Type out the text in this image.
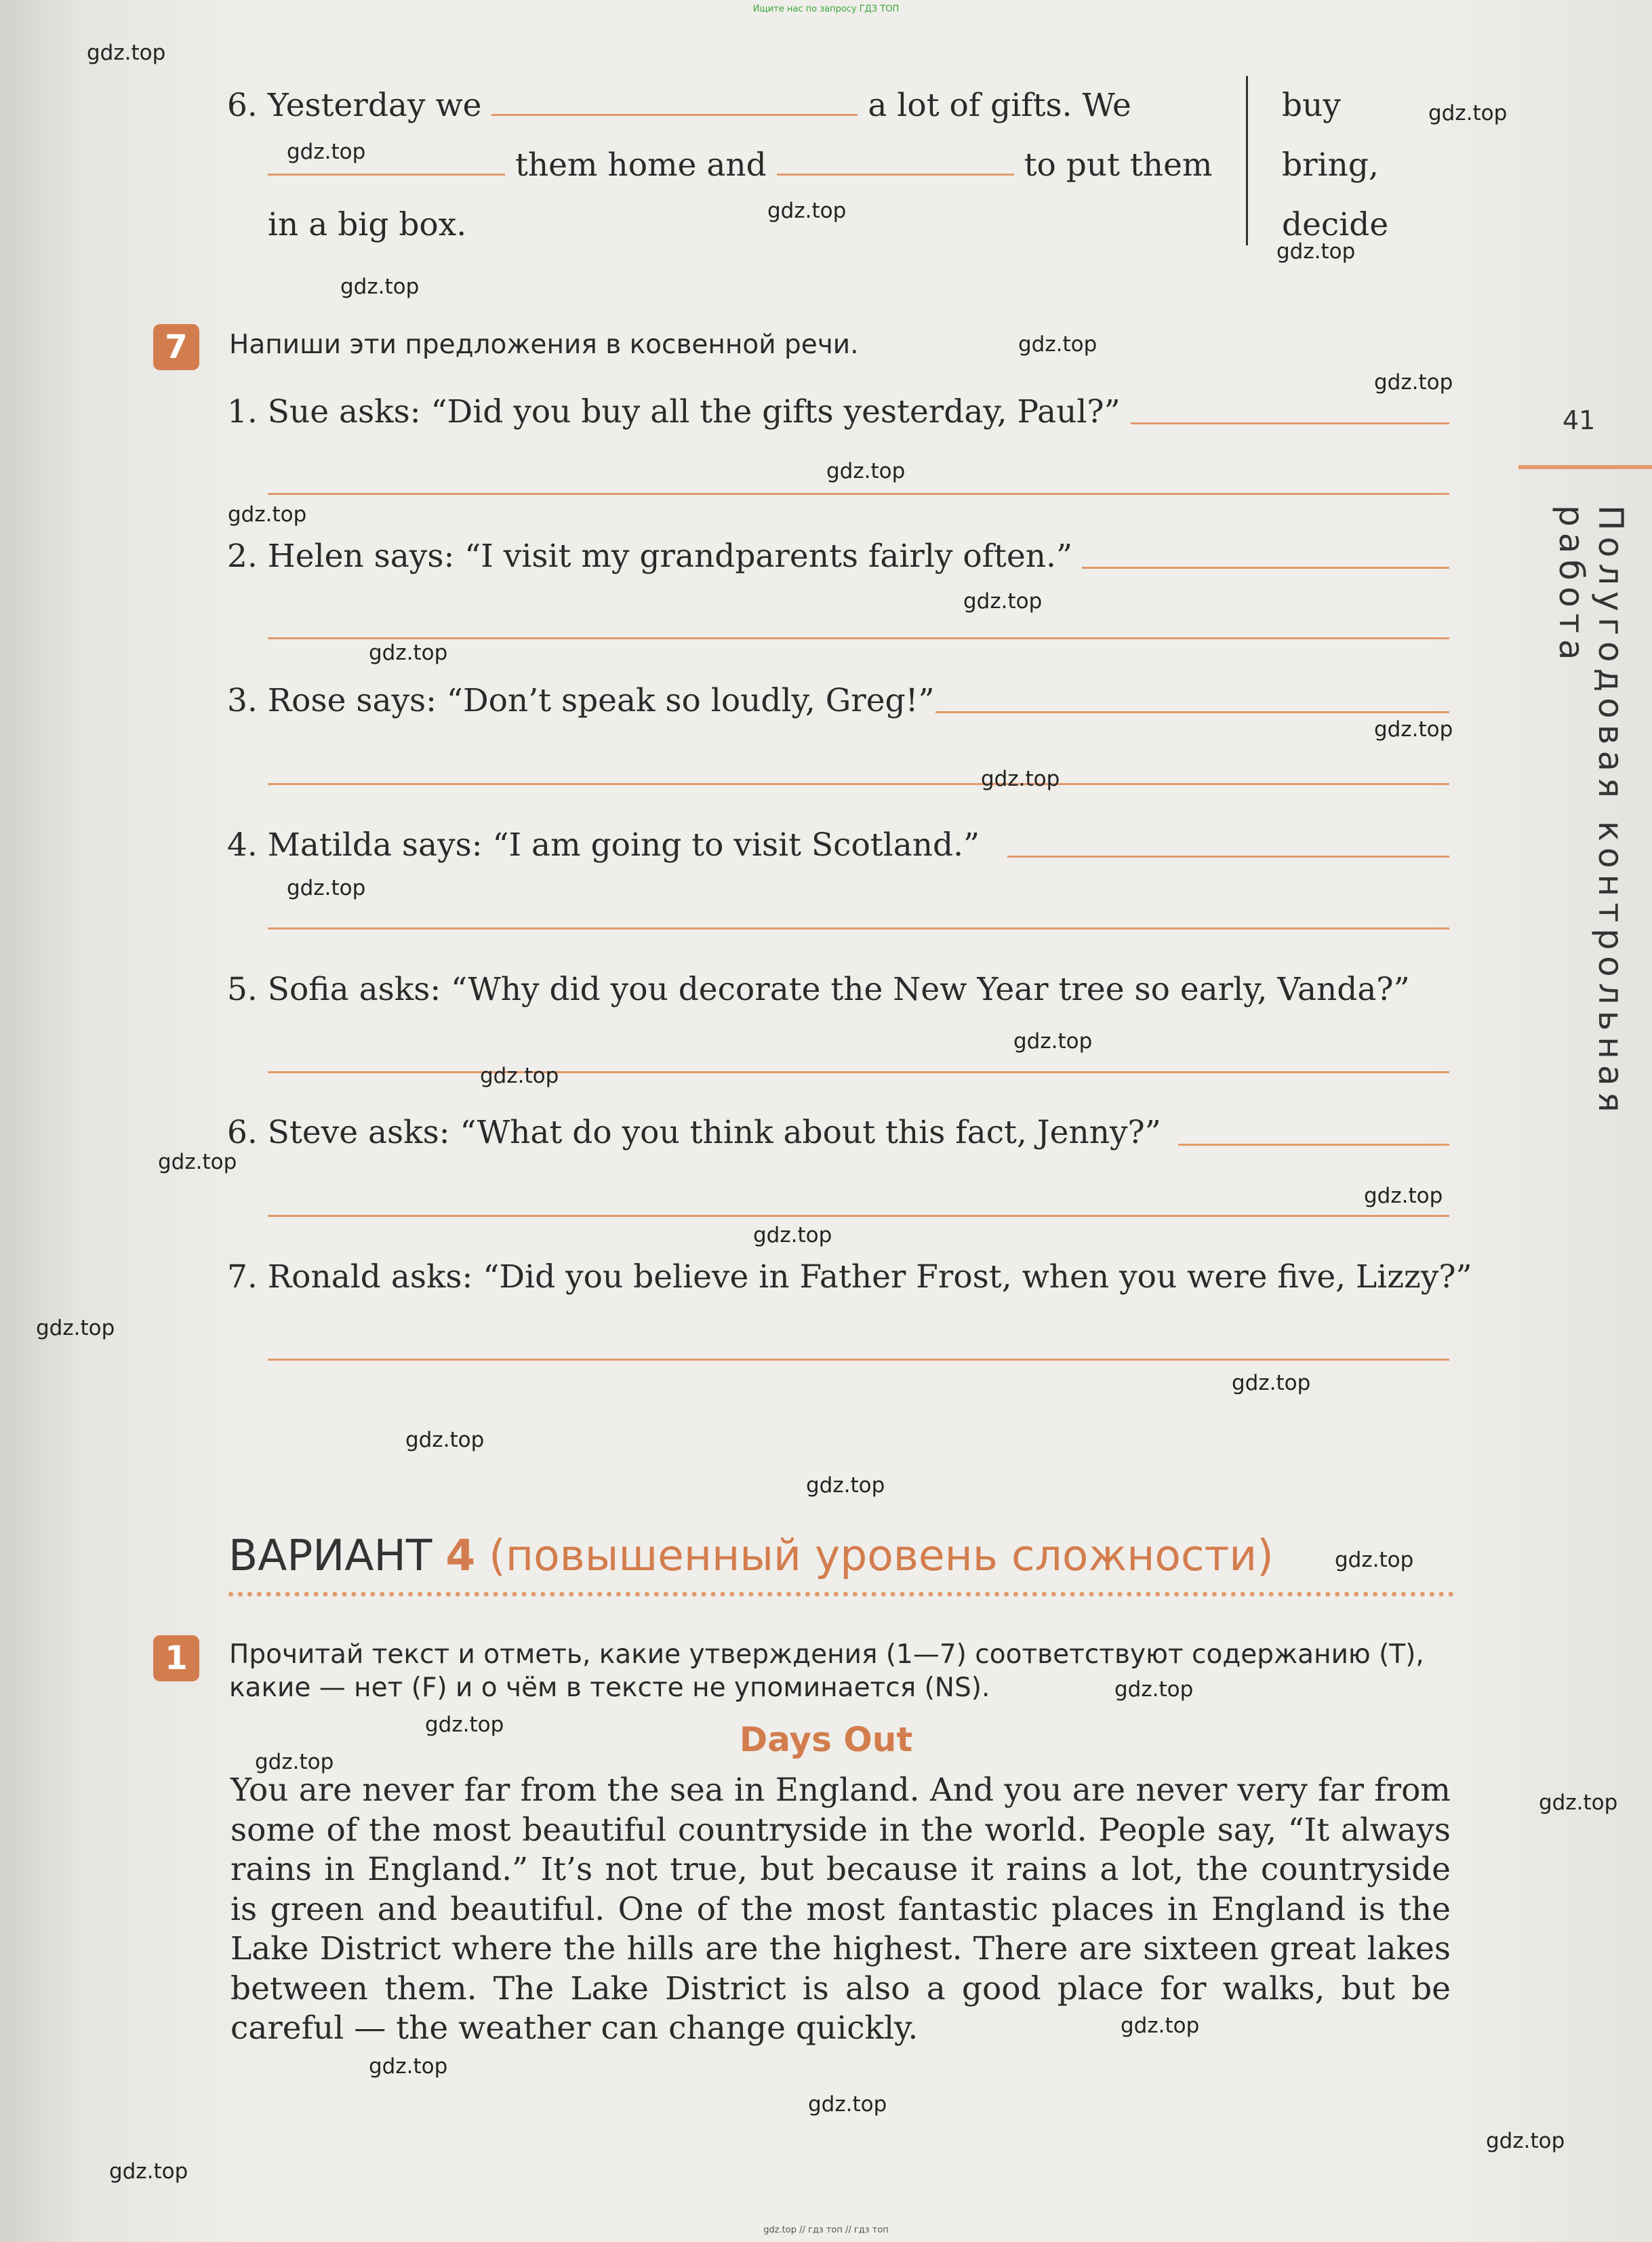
Ищите нас по запросу ГДЗ ТОП
6.
Yesterday we

	a lot of gifts. We

them home and

	to put them
in a big box.
buy
bring,
decide
7	Напиши эти предложения в косвенной речи.
1. Sue asks: “Did you buy all the gifts yesterday, Paul?”
2. Helen says: “I visit my grandparents fairly often.”
3. Rose says: “Don’t speak so loudly, Greg!”
4. Matilda says: “I am going to visit Scotland.”
5. Sofia asks: “Why did you decorate the New Year tree so early, Vanda?”
6. Steve asks: “What do you think about this fact, Jenny?”
7. Ronald asks: “Did you believe in Father Frost, when you were five, Lizzy?”
41
Полугодовая контрольная работа
ВАРИАНТ 4 (повышенный уровень сложности)
1	Прочитай текст и отметь, какие утверждения (1—7) соответствуют содержанию (T),
какие — нет (F) и о чём в тексте не упоминается (NS).
Days Out
You are never far from the sea in England. And you are never very far from some of the most beautiful countryside in the world. People say, “It always rains in England.” It’s not true, but because it rains a lot, the countryside is green and beautiful. One of the most fantastic places in England is the Lake District where the hills are the highest. There are sixteen great lakes between them. The Lake District is also a good place for walks, but be careful — the weather can change quickly.
gdz.top
gdz.top
gdz.top
gdz.top
gdz.top
gdz.top
gdz.top
gdz.top
gdz.top
gdz.top
gdz.top
gdz.top
gdz.top
gdz.top
gdz.top
gdz.top
gdz.top
gdz.top
gdz.top
gdz.top
gdz.top
gdz.top
gdz.top
gdz.top
gdz.top
gdz.top
gdz.top
gdz.top
gdz.top
gdz.top
gdz.top
gdz.top
gdz.top
gdz.top
gdz.top // гдз топ // гдз топ
